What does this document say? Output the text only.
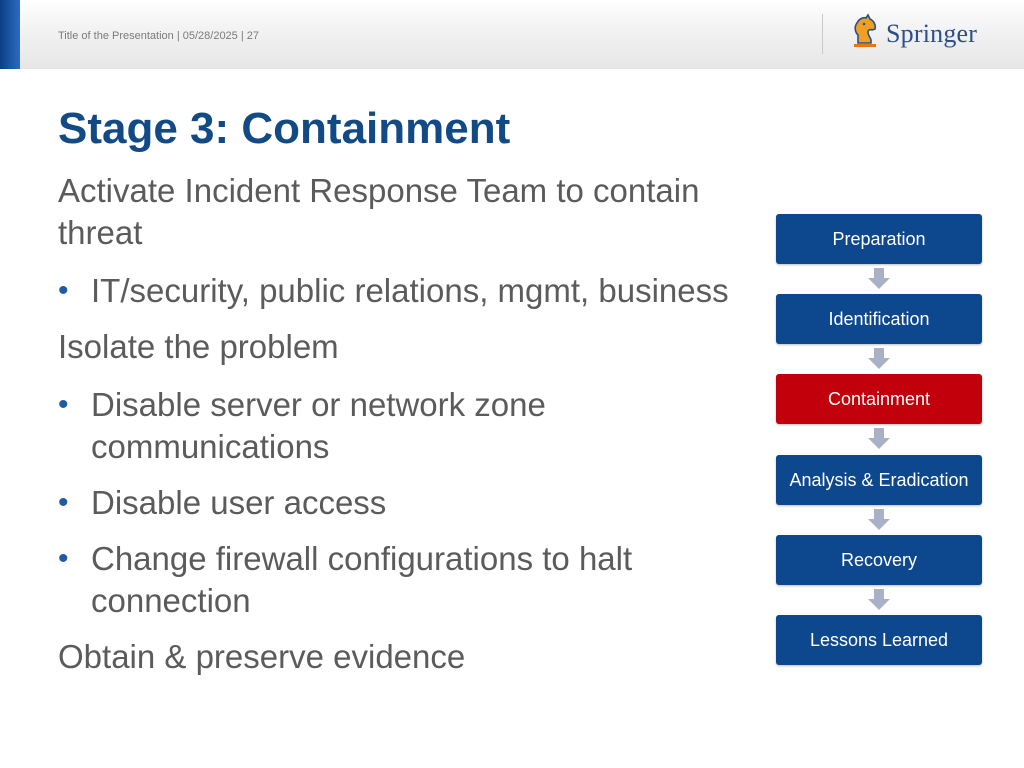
Title of the Presentation | 05/28/2025 | 27	Springer
Stage 3: Containment
Activate Incident Response Team to contain threat
• IT/security, public relations, mgmt, business
Isolate the problem
• Disable server or network zone communications
• Disable user access
• Change firewall configurations to halt connection
Obtain & preserve evidence
Preparation
Identification
Containment
Analysis & Eradication
Recovery
Lessons Learned
